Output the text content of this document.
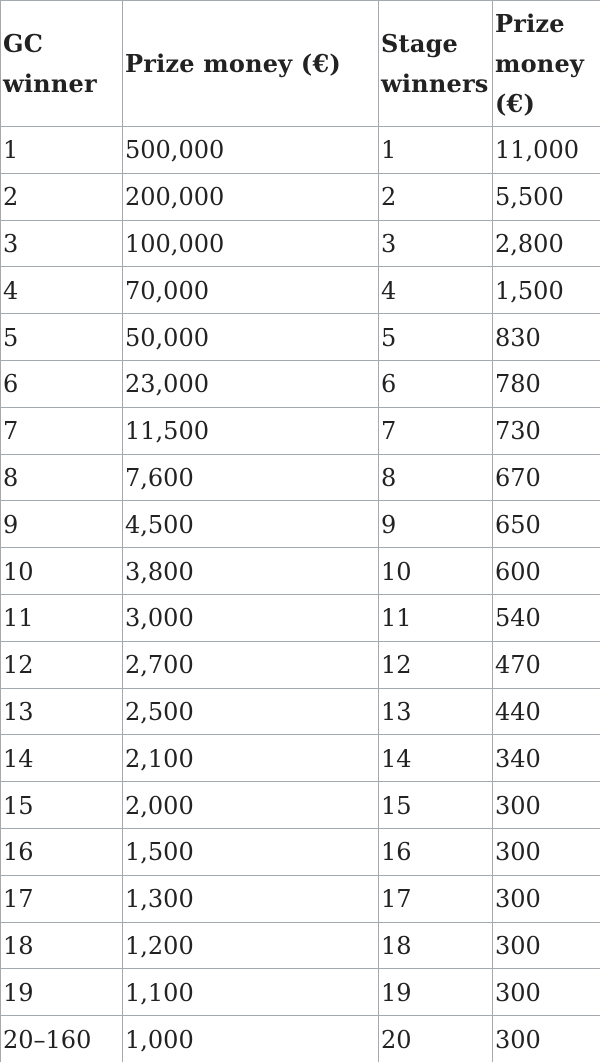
GC winner	Prize money (€)	Stage winners	Prize money (€)
1	500,000	1	11,000
2	200,000	2	5,500
3	100,000	3	2,800
4	70,000	4	1,500
5	50,000	5	830
6	23,000	6	780
7	11,500	7	730
8	7,600	8	670
9	4,500	9	650
10	3,800	10	600
11	3,000	11	540
12	2,700	12	470
13	2,500	13	440
14	2,100	14	340
15	2,000	15	300
16	1,500	16	300
17	1,300	17	300
18	1,200	18	300
19	1,100	19	300
20–160	1,000	20	300
